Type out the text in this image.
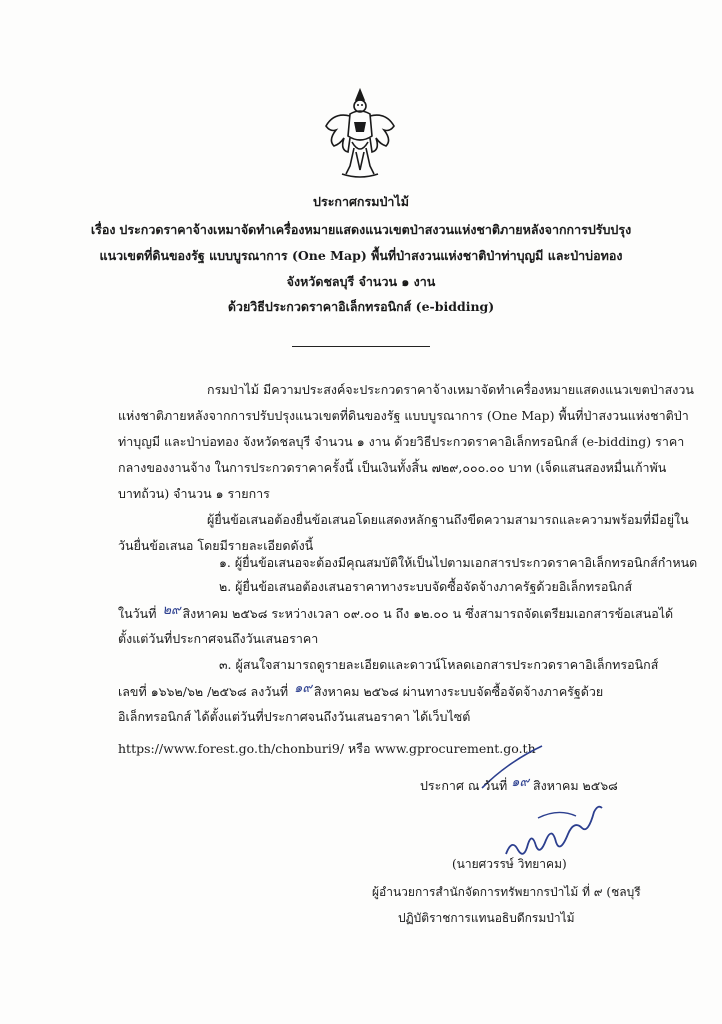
ประกาศกรมป่าไม้
เรื่อง ประกวดราคาจ้างเหมาจัดทำเครื่องหมายแสดงแนวเขตป่าสงวนแห่งชาติภายหลังจากการปรับปรุง
แนวเขตที่ดินของรัฐ แบบบูรณาการ (One Map) พื้นที่ป่าสงวนแห่งชาติป่าท่าบุญมี และป่าบ่อทอง
จังหวัดชลบุรี จำนวน ๑ งาน
ด้วยวิธีประกวดราคาอิเล็กทรอนิกส์ (e-bidding)
กรมป่าไม้ มีความประสงค์จะประกวดราคาจ้างเหมาจัดทำเครื่องหมายแสดงแนวเขตป่าสงวน
แห่งชาติภายหลังจากการปรับปรุงแนวเขตที่ดินของรัฐ แบบบูรณาการ (One Map) พื้นที่ป่าสงวนแห่งชาติป่า
ท่าบุญมี และป่าบ่อทอง จังหวัดชลบุรี จำนวน ๑ งาน ด้วยวิธีประกวดราคาอิเล็กทรอนิกส์ (e-bidding) ราคา
กลางของงานจ้าง ในการประกวดราคาครั้งนี้ เป็นเงินทั้งสิ้น ๗๒๙,๐๐๐.๐๐ บาท (เจ็ดแสนสองหมื่นเก้าพัน
บาทถ้วน) จำนวน ๑ รายการ
ผู้ยื่นข้อเสนอต้องยื่นข้อเสนอโดยแสดงหลักฐานถึงขีดความสามารถและความพร้อมที่มีอยู่ใน
วันยื่นข้อเสนอ โดยมีรายละเอียดดังนี้
๑. ผู้ยื่นข้อเสนอจะต้องมีคุณสมบัติให้เป็นไปตามเอกสารประกวดราคาอิเล็กทรอนิกส์กำหนด
๒. ผู้ยื่นข้อเสนอต้องเสนอราคาทางระบบจัดซื้อจัดจ้างภาครัฐด้วยอิเล็กทรอนิกส์
ในวันที่ ๒๙ สิงหาคม ๒๕๖๘ ระหว่างเวลา ๐๙.๐๐ น ถึง ๑๒.๐๐ น ซึ่งสามารถจัดเตรียมเอกสารข้อเสนอได้
ตั้งแต่วันที่ประกาศจนถึงวันเสนอราคา
๓. ผู้สนใจสามารถดูรายละเอียดและดาวน์โหลดเอกสารประกวดราคาอิเล็กทรอนิกส์
เลขที่ ๑๖๖๒/๖๒ /๒๕๖๘ ลงวันที่ ๑๙ สิงหาคม ๒๕๖๘ ผ่านทางระบบจัดซื้อจัดจ้างภาครัฐด้วย
อิเล็กทรอนิกส์ ได้ตั้งแต่วันที่ประกาศจนถึงวันเสนอราคา ได้เว็บไซต์
https://www.forest.go.th/chonburi9/ หรือ www.gprocurement.go.th
ประกาศ ณ วันที่ ๑๙ สิงหาคม ๒๕๖๘
(นายศวรรษ์ วิทยาคม)
ผู้อำนวยการสำนักจัดการทรัพยากรป่าไม้ ที่ ๙ (ชลบุรี
ปฏิบัติราชการแทนอธิบดีกรมป่าไม้
